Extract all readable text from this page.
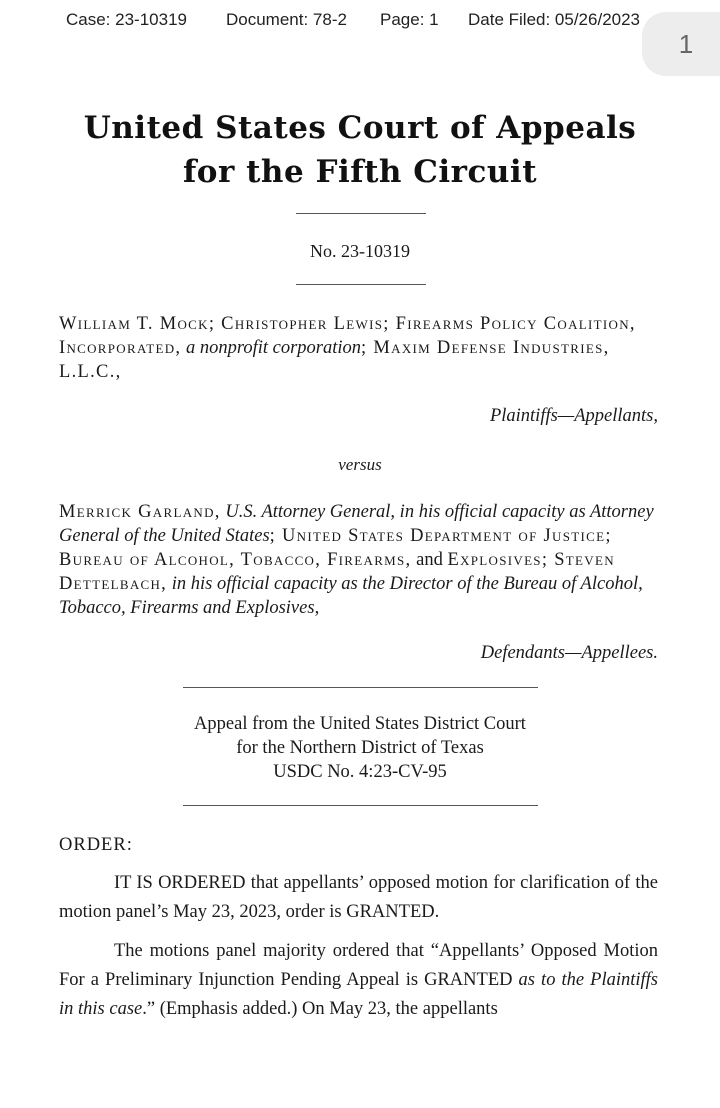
Case: 23-10319 Document: 78-2 Page: 1 Date Filed: 05/26/2023
1
United States Court of Appeals
for the Fifth Circuit
No. 23-10319
William T. Mock; Christopher Lewis; Firearms Policy Coalition, Incorporated, a nonprofit corporation; Maxim Defense Industries, L.L.C.,
Plaintiffs—Appellants,
versus
Merrick Garland, U.S. Attorney General, in his official capacity as Attorney General of the United States; United States Department of Justice; Bureau of Alcohol, Tobacco, Firearms, and Explosives; Steven Dettelbach, in his official capacity as the Director of the Bureau of Alcohol, Tobacco, Firearms and Explosives,
Defendants—Appellees.
Appeal from the United States District Court
for the Northern District of Texas
USDC No. 4:23-CV-95
ORDER:
IT IS ORDERED that appellants’ opposed motion for clarification of the motion panel’s May 23, 2023, order is GRANTED.
The motions panel majority ordered that “Appellants’ Opposed Motion For a Preliminary Injunction Pending Appeal is GRANTED as to the Plaintiffs in this case.” (Emphasis added.) On May 23, the appellants
